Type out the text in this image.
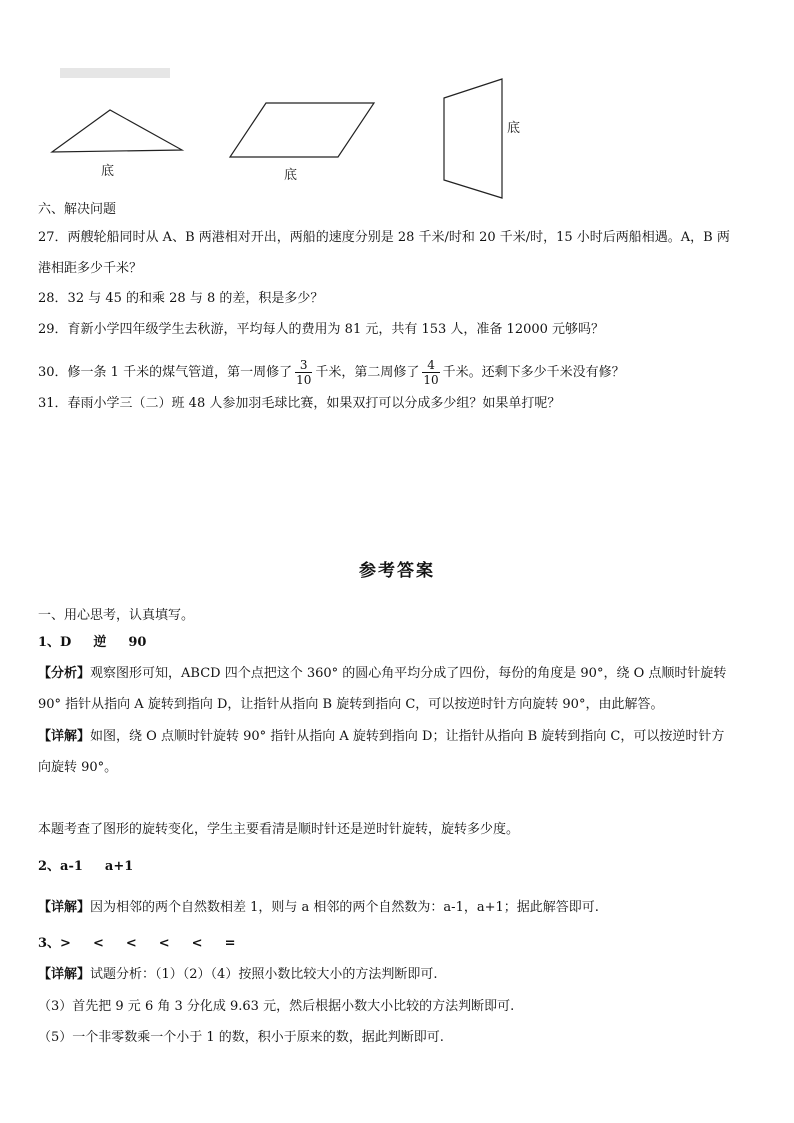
底	底
底
六、解决问题
27．两艘轮船同时从 A、B 两港相对开出，两船的速度分别是 28 千米/时和 20 千米/时，15 小时后两船相遇。A，B 两
港相距多少千米？
28．32 与 45 的和乘 28 与 8 的差，积是多少？
29．育新小学四年级学生去秋游，平均每人的费用为 81 元，共有 153 人，准备 12000 元够吗？
30．修一条 1 千米的煤气管道，第一周修了 $\frac{3}{10}$ 千米，第二周修了 $\frac{4}{10}$ 千米。还剩下多少千米没有修？
31．春雨小学三（二）班 48 人参加羽毛球比赛，如果双打可以分成多少组？如果单打呢？
参考答案
一、用心思考，认真填写。
1、D 逆 90
【分析】观察图形可知，ABCD 四个点把这个 360° 的圆心角平均分成了四份，每份的角度是 90°，绕 O 点顺时针旋转
90° 指针从指向 A 旋转到指向 D，让指针从指向 B 旋转到指向 C，可以按逆时针方向旋转 90°，由此解答。
【详解】如图，绕 O 点顺时针旋转 90° 指针从指向 A 旋转到指向 D；让指针从指向 B 旋转到指向 C，可以按逆时针方
向旋转 90°。
本题考查了图形的旋转变化，学生主要看清是顺时针还是逆时针旋转，旋转多少度。
2、a-1 a+1
【详解】因为相邻的两个自然数相差 1，则与 a 相邻的两个自然数为：a-1，a+1；据此解答即可.
3、> < < < < =
【详解】试题分析：（1）（2）（4）按照小数比较大小的方法判断即可.
（3）首先把 9 元 6 角 3 分化成 9.63 元，然后根据小数大小比较的方法判断即可.
（5）一个非零数乘一个小于 1 的数，积小于原来的数，据此判断即可.
